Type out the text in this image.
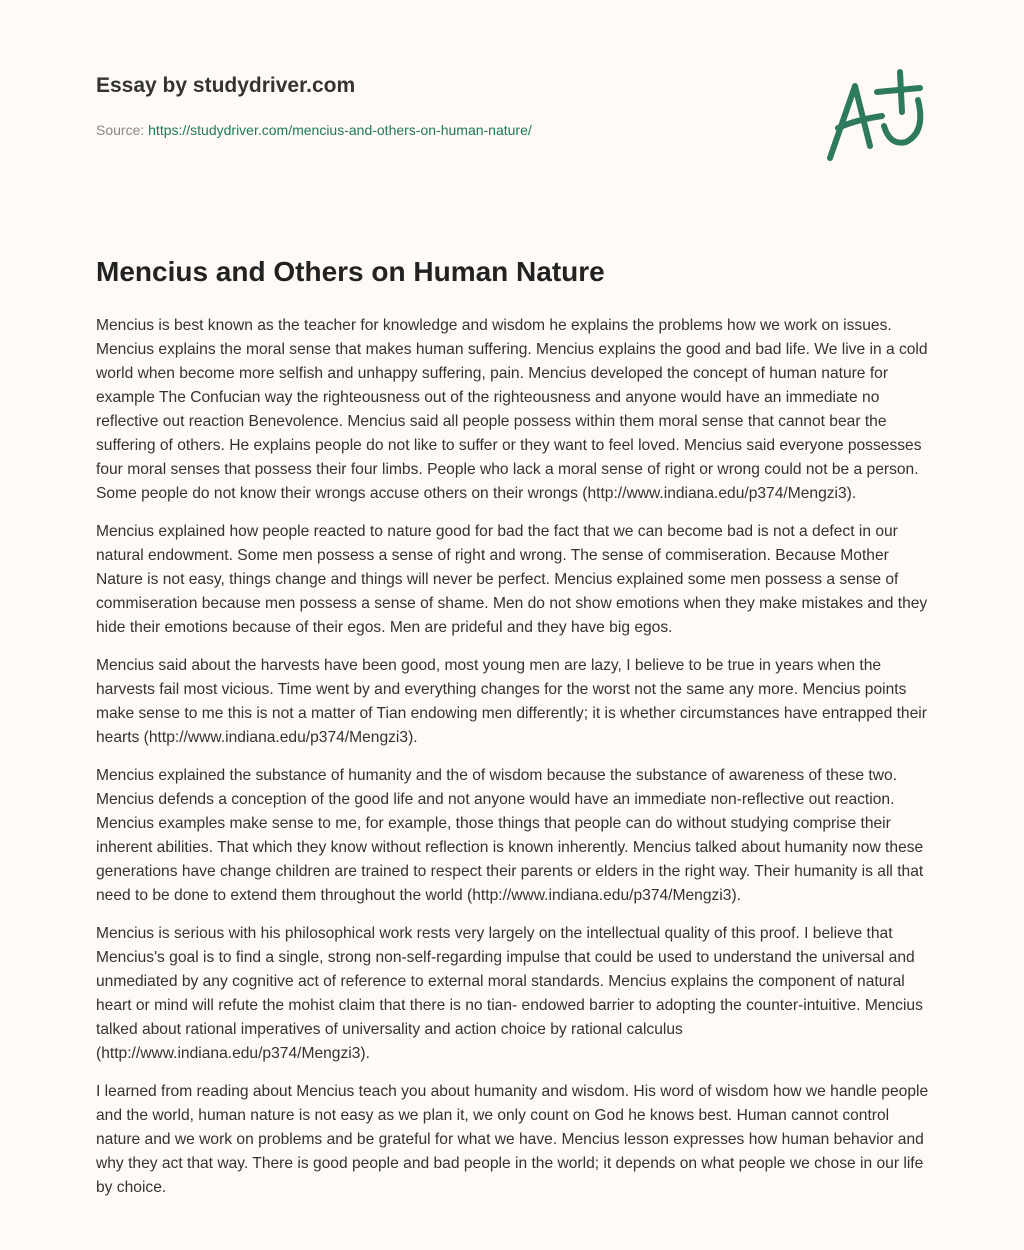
Essay by studydriver.com
Source: https://studydriver.com/mencius-and-others-on-human-nature/
Mencius and Others on Human Nature

Mencius is best known as the teacher for knowledge and wisdom he explains the problems how we work on issues. Mencius explains the moral sense that makes human suffering. Mencius explains the good and bad life. We live in a cold world when become more selfish and unhappy suffering, pain. Mencius developed the concept of human nature for example The Confucian way the righteousness out of the righteousness and anyone would have an immediate no reflective out reaction Benevolence. Mencius said all people possess within them moral sense that cannot bear the suffering of others. He explains people do not like to suffer or they want to feel loved. Mencius said everyone possesses four moral senses that possess their four limbs. People who lack a moral sense of right or wrong could not be a person. Some people do not know their wrongs accuse others on their wrongs (http://www.indiana.edu/p374/Mengzi3).

Mencius explained how people reacted to nature good for bad the fact that we can become bad is not a defect in our natural endowment. Some men possess a sense of right and wrong. The sense of commiseration. Because Mother Nature is not easy, things change and things will never be perfect. Mencius explained some men possess a sense of commiseration because men possess a sense of shame. Men do not show emotions when they make mistakes and they hide their emotions because of their egos. Men are prideful and they have big egos.

Mencius said about the harvests have been good, most young men are lazy, I believe to be true in years when the harvests fail most vicious. Time went by and everything changes for the worst not the same any more. Mencius points make sense to me this is not a matter of Tian endowing men differently; it is whether circumstances have entrapped their hearts (http://www.indiana.edu/p374/Mengzi3).

Mencius explained the substance of humanity and the of wisdom because the substance of awareness of these two. Mencius defends a conception of the good life and not anyone would have an immediate non-reflective out reaction. Mencius examples make sense to me, for example, those things that people can do without studying comprise their inherent abilities. That which they know without reflection is known inherently. Mencius talked about humanity now these generations have change children are trained to respect their parents or elders in the right way. Their humanity is all that need to be done to extend them throughout the world (http://www.indiana.edu/p374/Mengzi3).

Mencius is serious with his philosophical work rests very largely on the intellectual quality of this proof. I believe that Mencius's goal is to find a single, strong non-self-regarding impulse that could be used to understand the universal and unmediated by any cognitive act of reference to external moral standards. Mencius explains the component of natural heart or mind will refute the mohist claim that there is no tian- endowed barrier to adopting the counter-intuitive. Mencius talked about rational imperatives of universality and action choice by rational calculus (http://www.indiana.edu/p374/Mengzi3).

I learned from reading about Mencius teach you about humanity and wisdom. His word of wisdom how we handle people and the world, human nature is not easy as we plan it, we only count on God he knows best. Human cannot control nature and we work on problems and be grateful for what we have. Mencius lesson expresses how human behavior and why they act that way. There is good people and bad people in the world; it depends on what people we chose in our life by choice.
